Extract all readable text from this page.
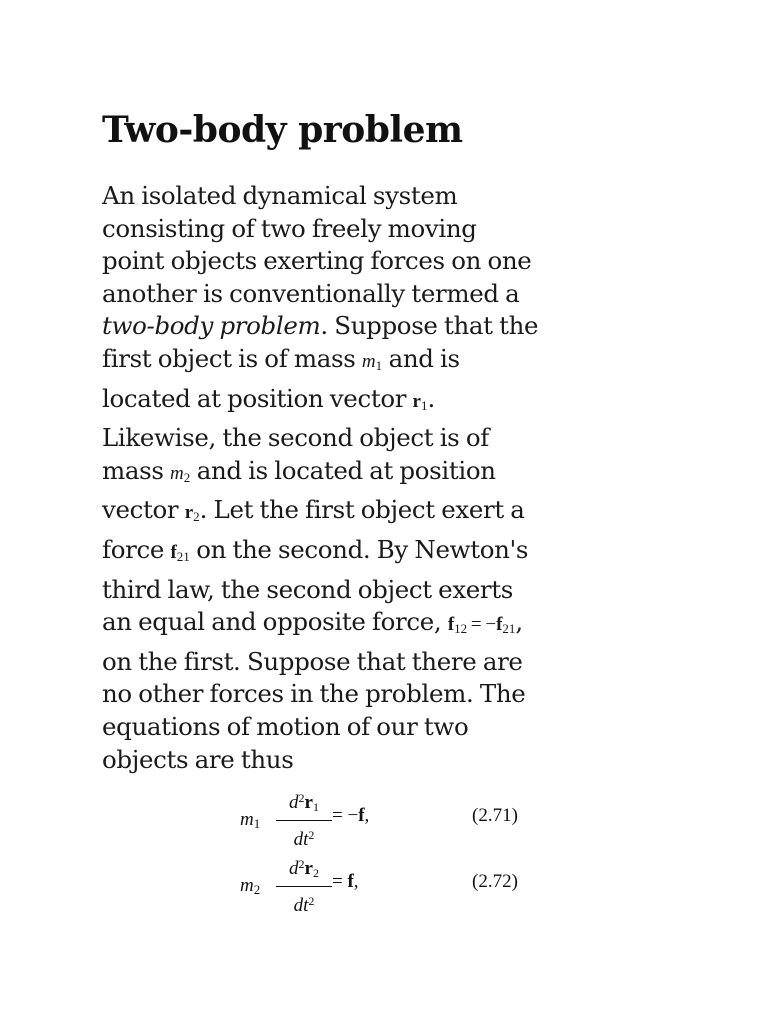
Two-body problem
An isolated dynamical system consisting of two freely moving point objects exerting forces on one another is conventionally termed a two-body problem. Suppose that the first object is of mass $m_1$ and is located at position vector $r_1$. Likewise, the second object is of mass $m_2$ and is located at position vector $r_2$. Let the first object exert a force $f_{21}$ on the second. By Newton's third law, the second object exerts an equal and opposite force, $f_{12} = -f_{21}$, on the first. Suppose that there are no other forces in the problem. The equations of motion of our two objects are thus
$m_1$
$d^2r_1$
$dt^2$
= −f,	(2.71)
$m_2$
$d^2r_2$
$dt^2$
= f,	(2.72)
